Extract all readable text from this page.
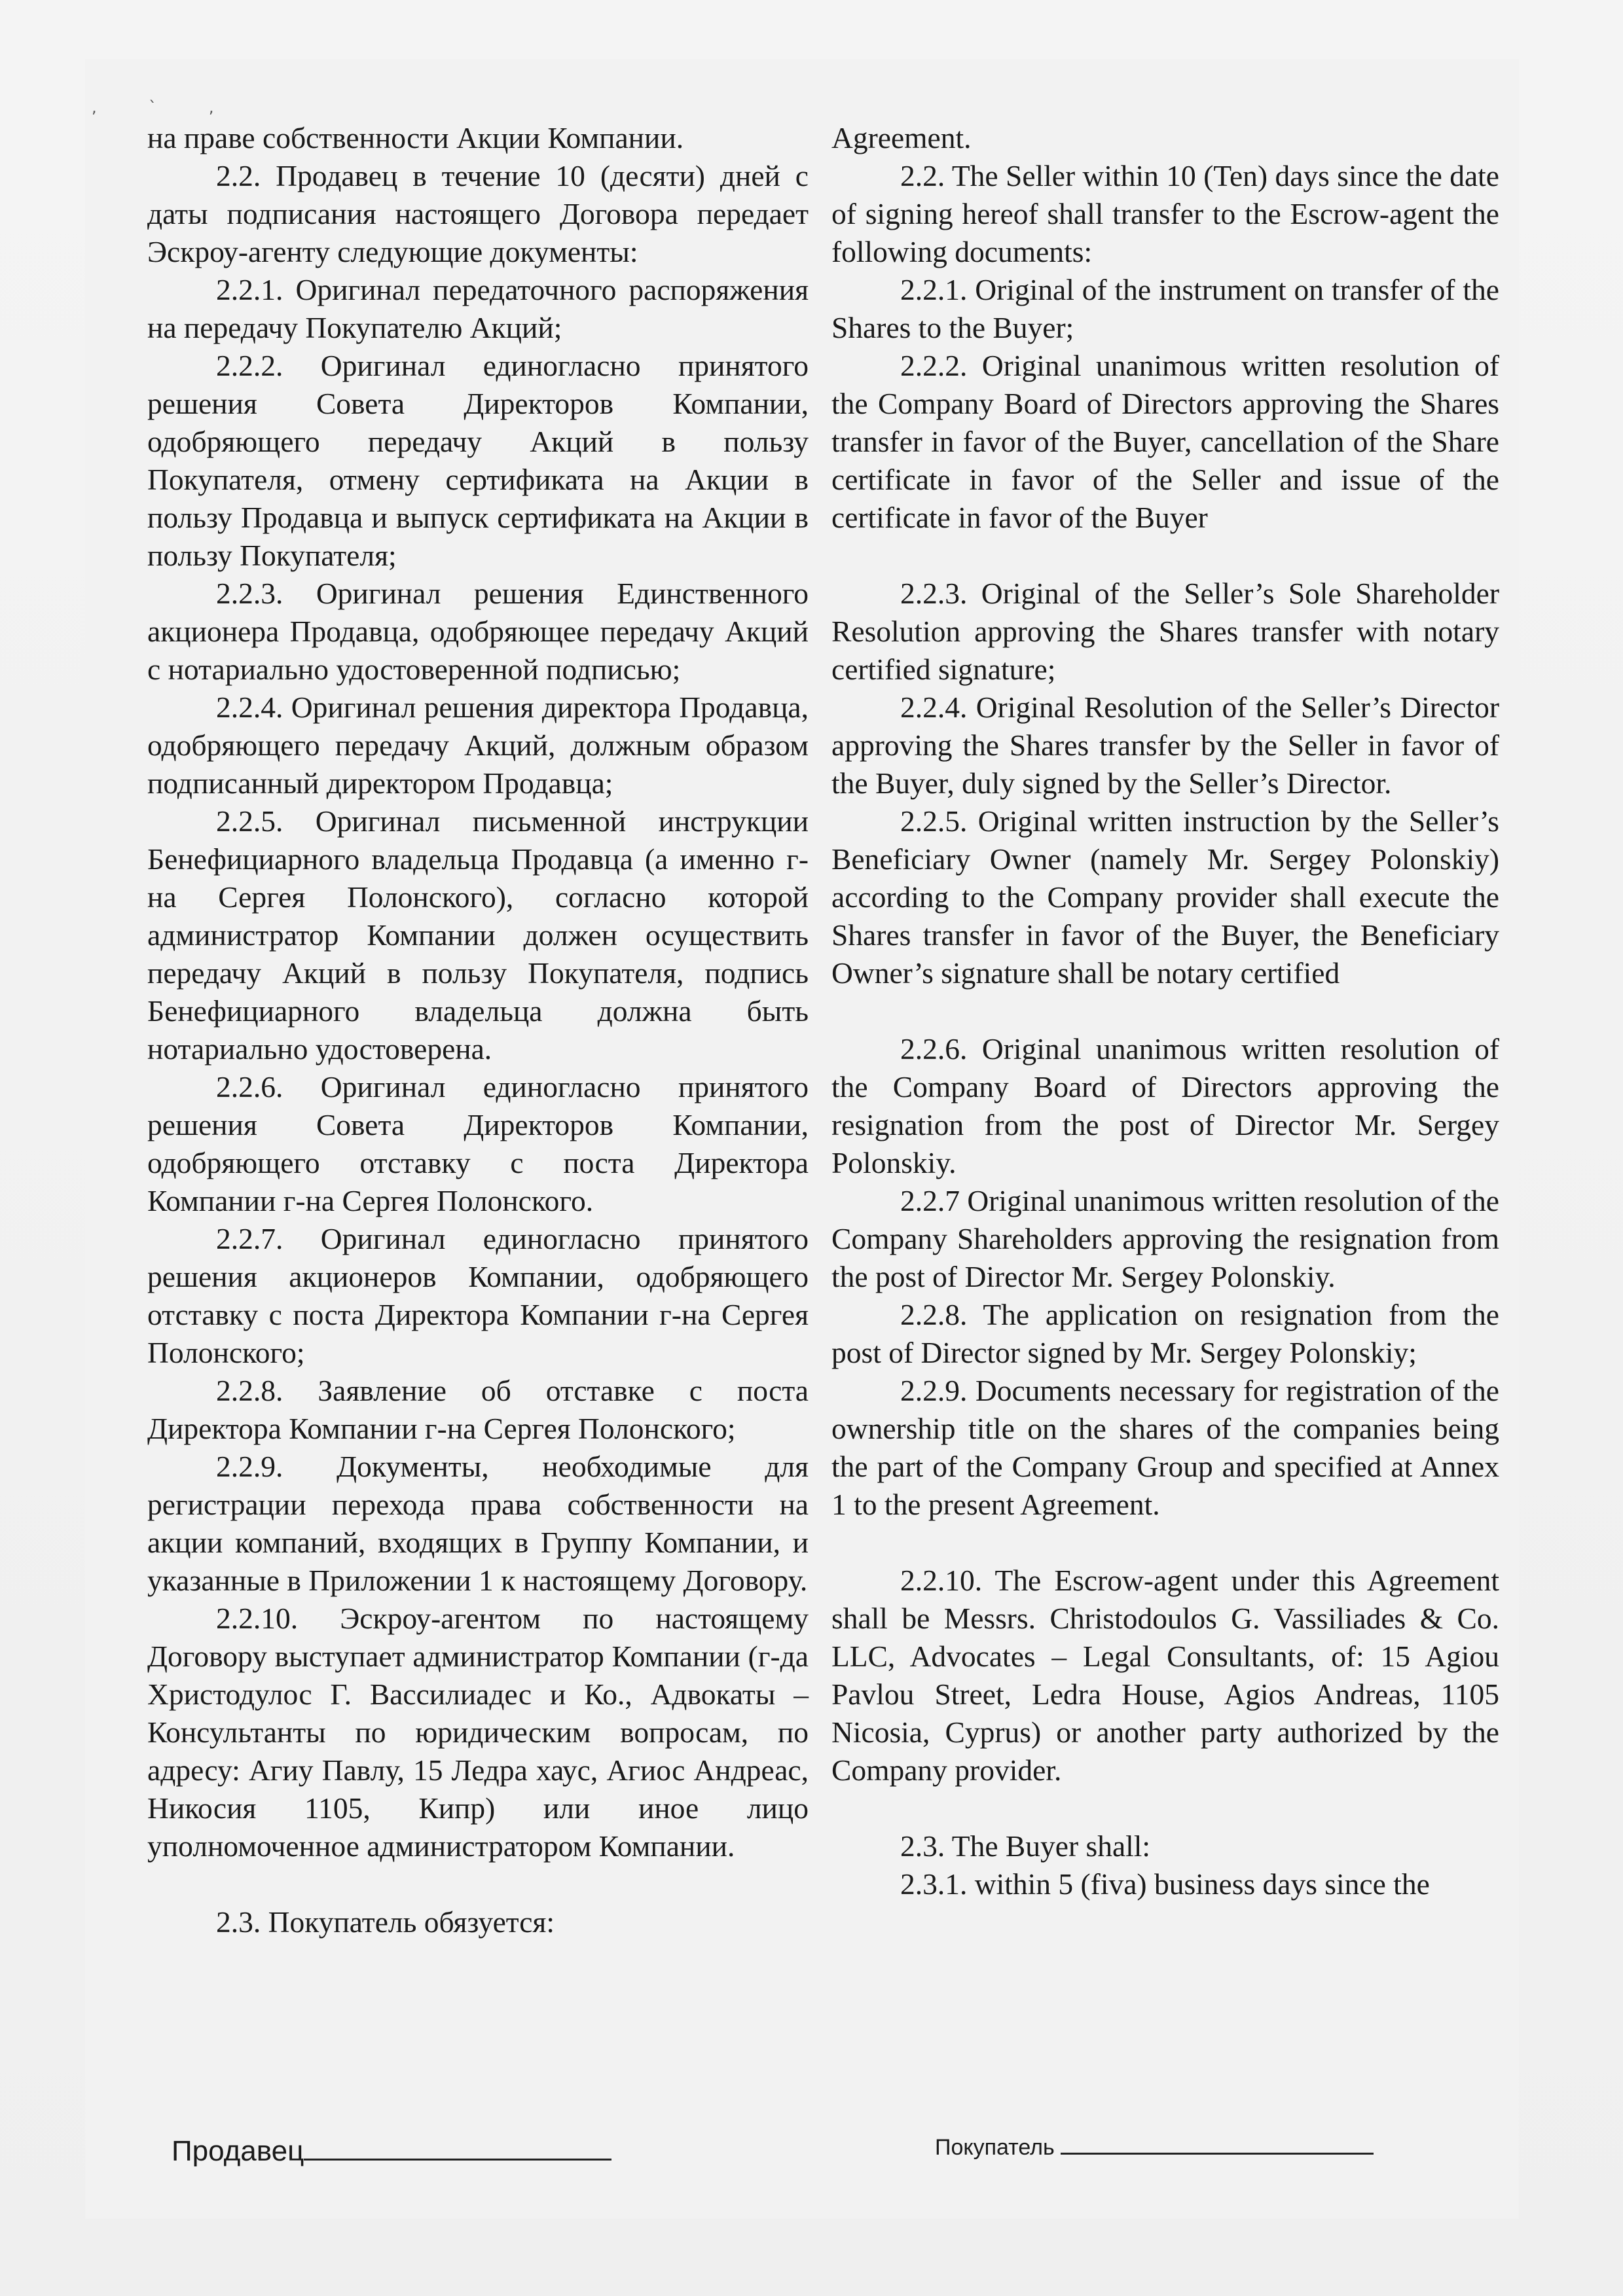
, ` ,

на праве собственности Акции Компании.

2.2. Продавец в течение 10 (десяти) дней с даты подписания настоящего Договора передает Эскроу-агенту следующие документы:

2.2.1. Оригинал передаточного распоряжения на передачу Покупателю Акций;

2.2.2. Оригинал единогласно принятого решения Совета Директоров Компании, одобряющего передачу Акций в пользу Покупателя, отмену сертификата на Акции в пользу Продавца и выпуск сертификата на Акции в пользу Покупателя;

2.2.3. Оригинал решения Единственного акционера Продавца, одобряющее передачу Акций с нотариально удостоверенной подписью;

2.2.4. Оригинал решения директора Продавца, одобряющего передачу Акций, должным образом подписанный директором Продавца;

2.2.5. Оригинал письменной инструкции Бенефициарного владельца Продавца (а именно г-на Сергея Полонского), согласно которой администратор Компании должен осуществить передачу Акций в пользу Покупателя, подпись Бенефициарного владельца должна быть нотариально удостоверена.

2.2.6. Оригинал единогласно принятого решения Совета Директоров Компании, одобряющего отставку с поста Директора Компании г-на Сергея Полонского.

2.2.7. Оригинал единогласно принятого решения акционеров Компании, одобряющего отставку с поста Директора Компании г-на Сергея Полонского;

2.2.8. Заявление об отставке с поста Директора Компании г-на Сергея Полонского;

2.2.9. Документы, необходимые для регистрации перехода права собственности на акции компаний, входящих в Группу Компании, и указанные в Приложении 1 к настоящему Договору.

2.2.10. Эскроу-агентом по настоящему Договору выступает администратор Компании (г-да Христодулос Г. Вассилиадес и Ко., Адвокаты – Консультанты по юридическим вопросам, по адресу: Агиу Павлу, 15 Ледра хаус, Агиос Андреас, Никосия 1105, Кипр) или иное лицо уполномоченное администратором Компании.

2.3. Покупатель обязуется:

Agreement.

2.2. The Seller within 10 (Ten) days since the date of signing hereof shall transfer to the Escrow-agent the following documents:

2.2.1. Original of the instrument on transfer of the Shares to the Buyer;

2.2.2. Original unanimous written resolution of the Company Board of Directors approving the Shares transfer in favor of the Buyer, cancellation of the Share certificate in favor of the Seller and issue of the certificate in favor of the Buyer

2.2.3. Original of the Seller’s Sole Shareholder Resolution approving the Shares transfer with notary certified signature;

2.2.4. Original Resolution of the Seller’s Director approving the Shares transfer by the Seller in favor of the Buyer, duly signed by the Seller’s Director.

2.2.5. Original written instruction by the Seller’s Beneficiary Owner (namely Mr. Sergey Polonskiy) according to the Company provider shall execute the Shares transfer in favor of the Buyer, the Beneficiary Owner’s signature shall be notary certified

2.2.6. Original unanimous written resolution of the Company Board of Directors approving the resignation from the post of Director Mr. Sergey Polonskiy.

2.2.7 Original unanimous written resolution of the Company Shareholders approving the resignation from the post of Director Mr. Sergey Polonskiy.

2.2.8. The application on resignation from the post of Director signed by Mr. Sergey Polonskiy;

2.2.9. Documents necessary for registration of the ownership title on the shares of the companies being the part of the Company Group and specified at Annex 1 to the present Agreement.

2.2.10. The Escrow-agent under this Agreement shall be Messrs. Christodoulos G. Vassiliades & Co. LLC, Advocates – Legal Consultants, of: 15 Agiou Pavlou Street, Ledra House, Agios Andreas, 1105 Nicosia, Cyprus) or another party authorized by the Company provider.

2.3. The Buyer shall:

2.3.1. within 5 (fiva) business days since the

Продавец	Покупатель
